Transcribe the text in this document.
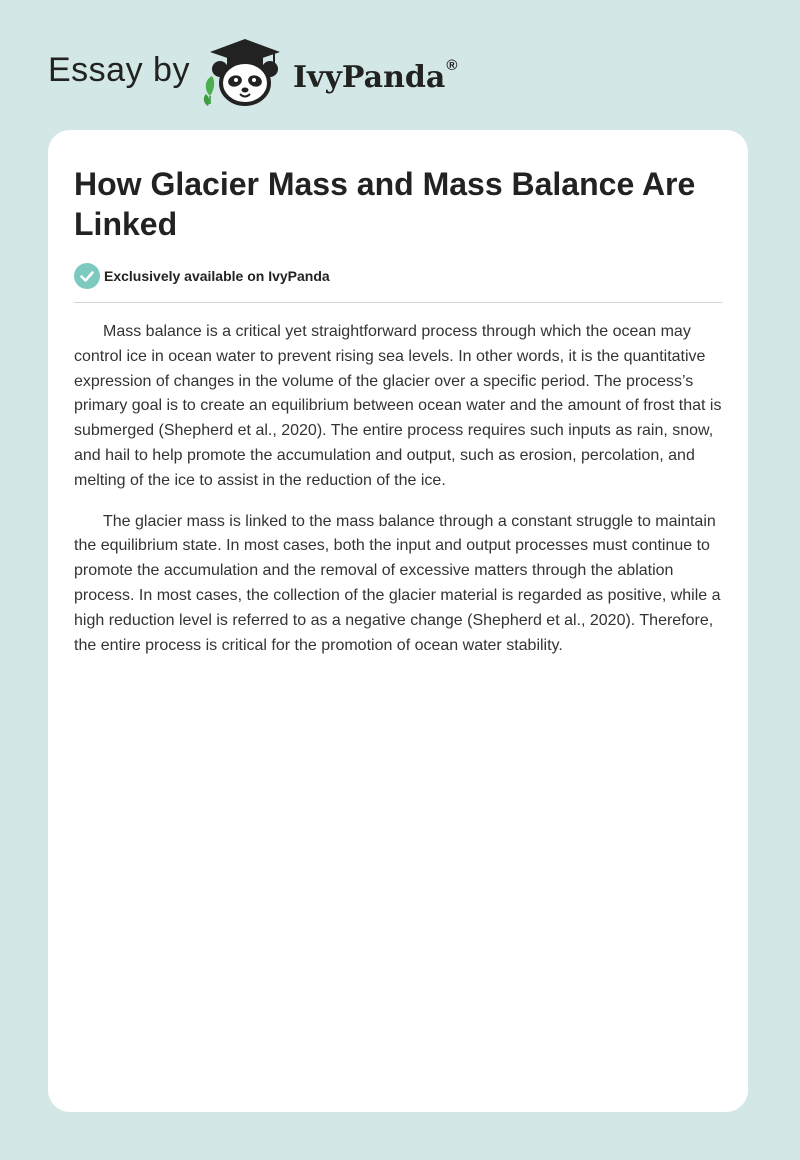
Essay by	IvyPanda®
How Glacier Mass and Mass Balance Are Linked
Exclusively available on IvyPanda

Mass balance is a critical yet straightforward process through which the ocean may control ice in ocean water to prevent rising sea levels. In other words, it is the quantitative expression of changes in the volume of the glacier over a specific period. The process’s primary goal is to create an equilibrium between ocean water and the amount of frost that is submerged (Shepherd et al., 2020). The entire process requires such inputs as rain, snow, and hail to help promote the accumulation and output, such as erosion, percolation, and melting of the ice to assist in the reduction of the ice.

The glacier mass is linked to the mass balance through a constant struggle to maintain the equilibrium state. In most cases, both the input and output processes must continue to promote the accumulation and the removal of excessive matters through the ablation process. In most cases, the collection of the glacier material is regarded as positive, while a high reduction level is referred to as a negative change (Shepherd et al., 2020). Therefore, the entire process is critical for the promotion of ocean water stability.
